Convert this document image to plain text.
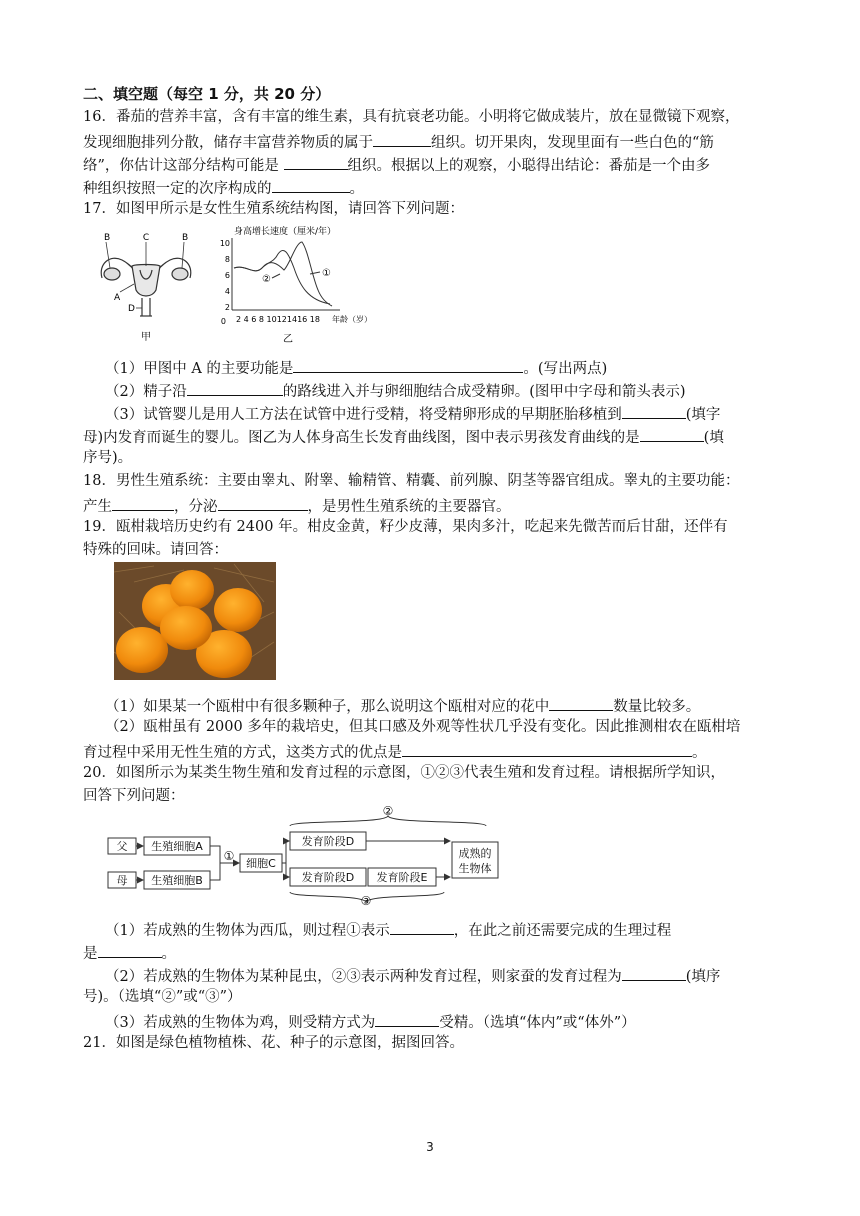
二、填空题（每空 1 分，共 20 分）
16．番茄的营养丰富，含有丰富的维生素，具有抗衰老功能。小明将它做成装片，放在显微镜下观察，
发现细胞排列分散，储存丰富营养物质的属于	组织。切开果肉，发现里面有一些白色的“筋
络”，你估计这部分结构可能是	组织。根据以上的观察，小聪得出结论：番茄是一个由多
种组织按照一定的次序构成的	。
17．如图甲所示是女性生殖系统结构图，请回答下列问题：
C
B	B
A
D
甲
身高增长速度（厘米/年）
10
8
6
4
2
0
①
②
2 4 6 8 10121416 18 年龄（岁）
乙
（1）甲图中 A 的主要功能是	。(写出两点)
（2）精子沿	的路线进入并与卵细胞结合成受精卵。(图甲中字母和箭头表示)
（3）试管婴儿是用人工方法在试管中进行受精，将受精卵形成的早期胚胎移植到	(填字
母)内发育而诞生的婴儿。图乙为人体身高生长发育曲线图，图中表示男孩发育曲线的是	(填
序号)。
18．男性生殖系统：主要由睾丸、附睾、输精管、精囊、前列腺、阴茎等器官组成。睾丸的主要功能：
产生	，分泌	，是男性生殖系统的主要器官。
19．瓯柑栽培历史约有 2400 年。柑皮金黄，籽少皮薄，果肉多汁，吃起来先微苦而后甘甜，还伴有
特殊的回味。请回答：
（1）如果某一个瓯柑中有很多颗种子，那么说明这个瓯柑对应的花中	数量比较多。
（2）瓯柑虽有 2000 多年的栽培史，但其口感及外观等性状几乎没有变化。因此推测柑农在瓯柑培
育过程中采用无性生殖的方式，这类方式的优点是	。
20．如图所示为某类生物生殖和发育过程的示意图，①②③代表生殖和发育过程。请根据所学知识，
回答下列问题：
父
母
生殖细胞A
生殖细胞B
①
细胞C
发育阶段D
发育阶段D 发育阶段E
成熟的
生物体
②
③
（1）若成熟的生物体为西瓜，则过程①表示	，在此之前还需要完成的生理过程
是	。
（2）若成熟的生物体为某种昆虫，②③表示两种发育过程，则家蚕的发育过程为	(填序
号)。（选填“②”或“③”）
（3）若成熟的生物体为鸡，则受精方式为	受精。（选填“体内”或“体外”）
21．如图是绿色植物植株、花、种子的示意图，据图回答。
3
